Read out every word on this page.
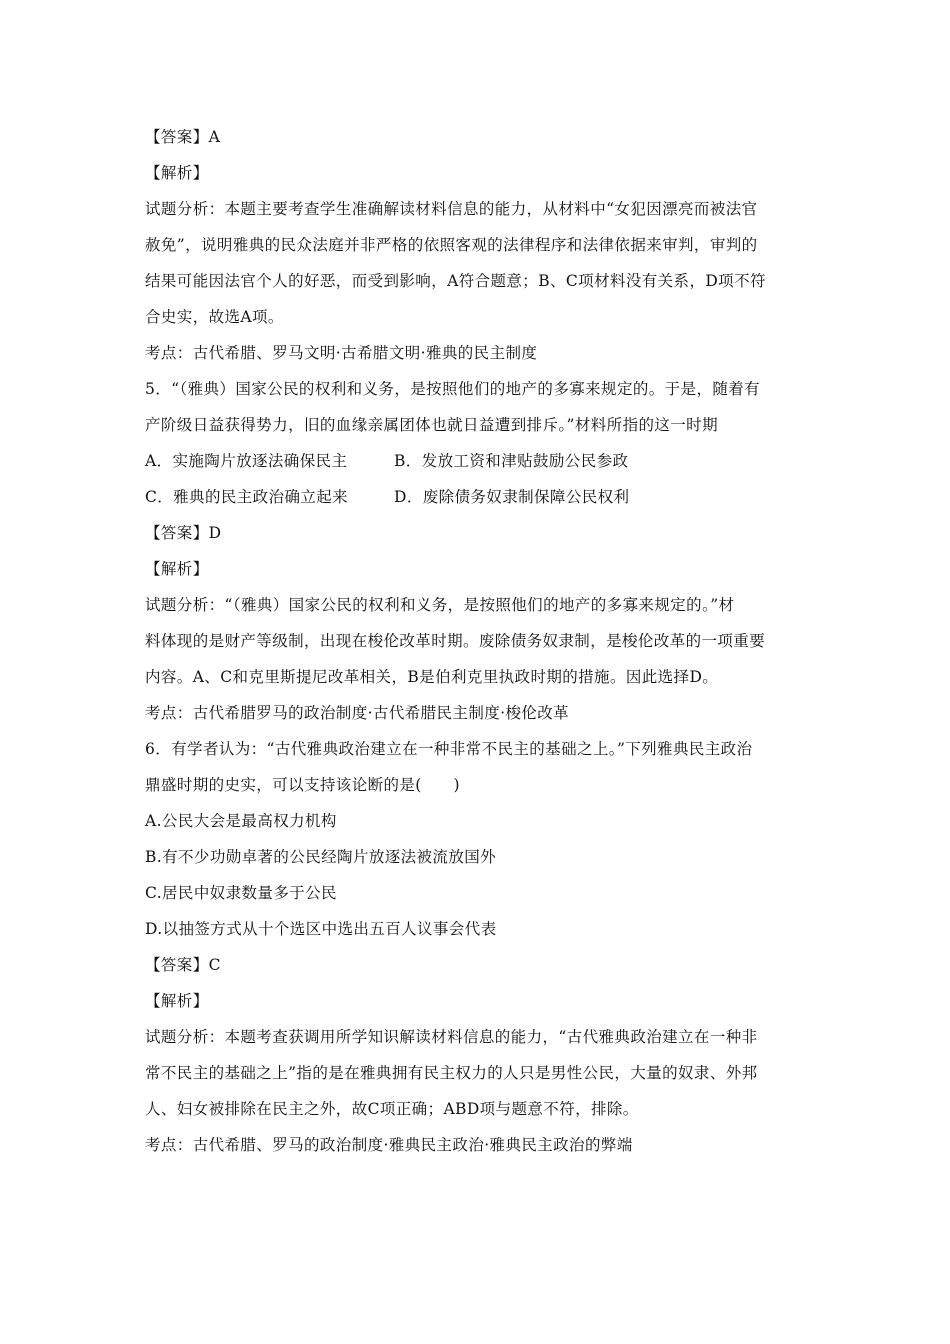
【答案】A
【解析】
试题分析：本题主要考查学生准确解读材料信息的能力，从材料中“女犯因漂亮而被法官
赦免”，说明雅典的民众法庭并非严格的依照客观的法律程序和法律依据来审判，审判的
结果可能因法官个人的好恶，而受到影响，A符合题意；B、C项材料没有关系，D项不符
合史实，故选A项。
考点：古代希腊、罗马文明·古希腊文明·雅典的民主制度
5．“（雅典）国家公民的权利和义务，是按照他们的地产的多寡来规定的。于是，随着有
产阶级日益获得势力，旧的血缘亲属团体也就日益遭到排斥。”材料所指的这一时期
A．实施陶片放逐法确保民主	B．发放工资和津贴鼓励公民参政
C．雅典的民主政治确立起来	D．废除债务奴隶制保障公民权利
【答案】D
【解析】
试题分析：“（雅典）国家公民的权利和义务，是按照他们的地产的多寡来规定的。”材
料体现的是财产等级制，出现在梭伦改革时期。废除债务奴隶制，是梭伦改革的一项重要
内容。A、C和克里斯提尼改革相关，B是伯利克里执政时期的措施。因此选择D。
考点：古代希腊罗马的政治制度·古代希腊民主制度·梭伦改革
6．有学者认为：“古代雅典政治建立在一种非常不民主的基础之上。”下列雅典民主政治
鼎盛时期的史实，可以支持该论断的是(　　)
A.公民大会是最高权力机构
B.有不少功勋卓著的公民经陶片放逐法被流放国外
C.居民中奴隶数量多于公民
D.以抽签方式从十个选区中选出五百人议事会代表
【答案】C
【解析】
试题分析：本题考查获调用所学知识解读材料信息的能力，“古代雅典政治建立在一种非
常不民主的基础之上”指的是在雅典拥有民主权力的人只是男性公民，大量的奴隶、外邦
人、妇女被排除在民主之外，故C项正确；ABD项与题意不符，排除。
考点：古代希腊、罗马的政治制度·雅典民主政治·雅典民主政治的弊端
